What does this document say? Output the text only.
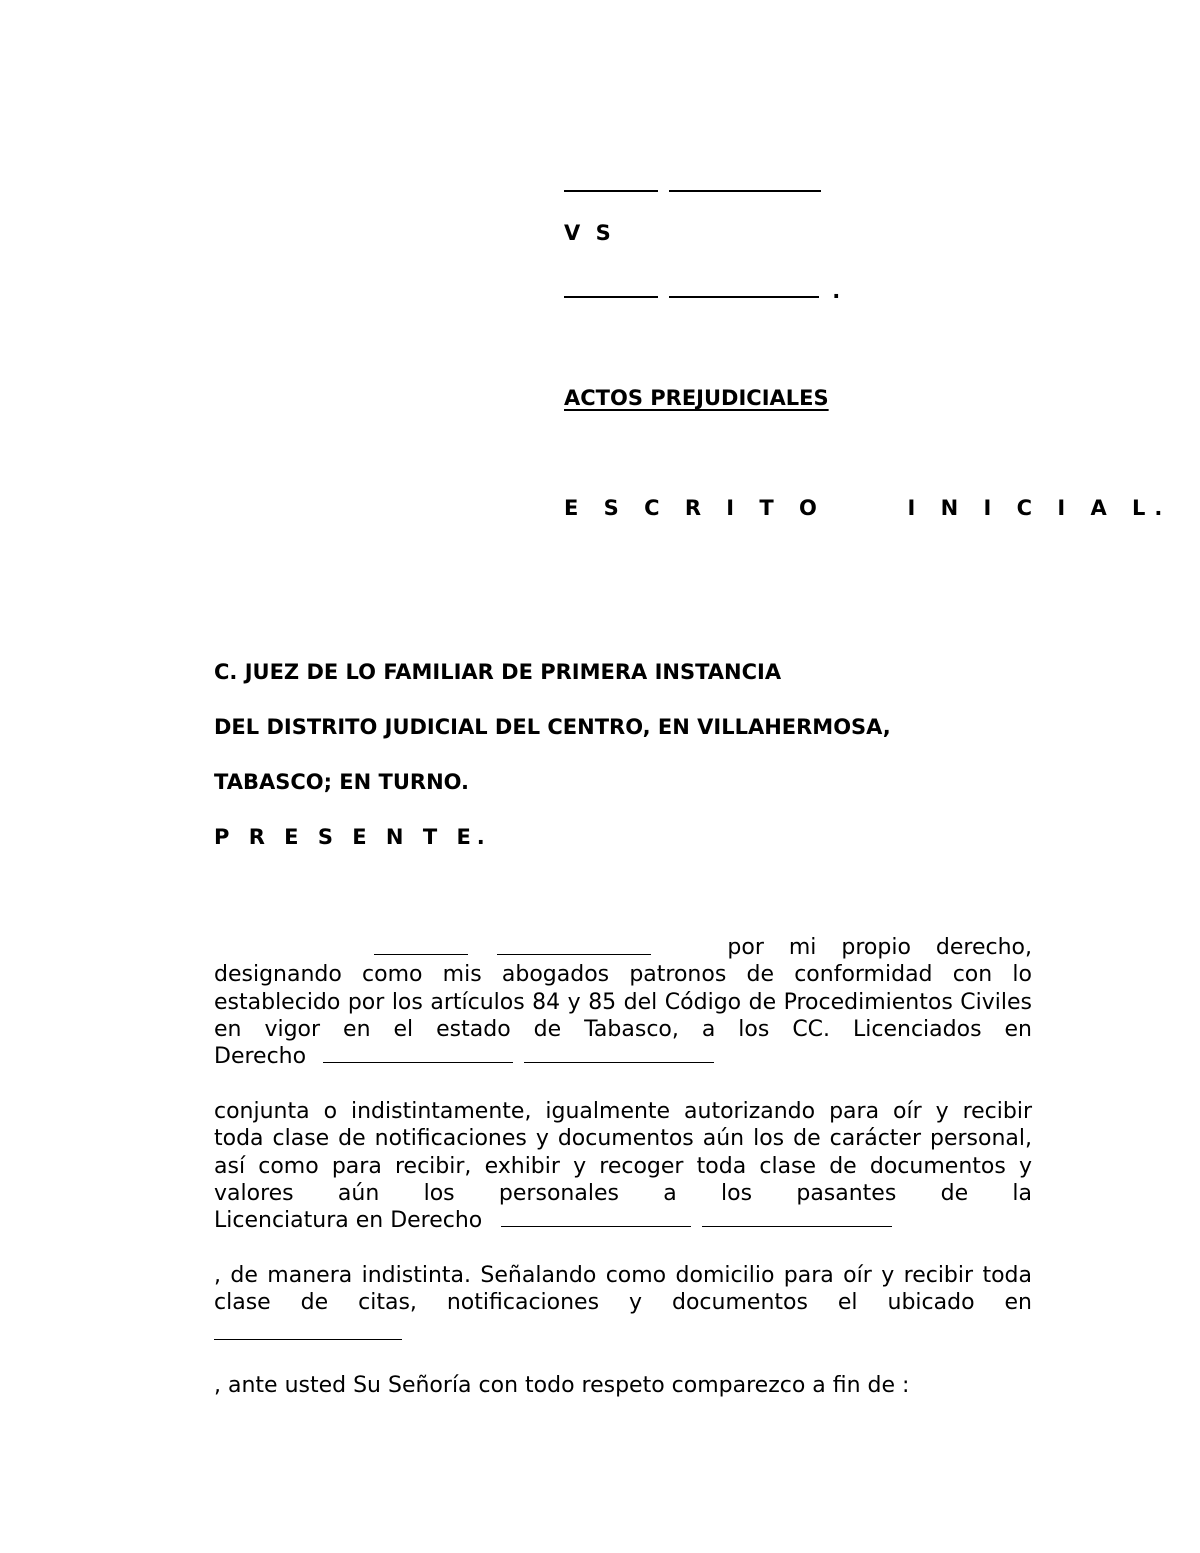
V S
.
ACTOS PREJUDICIALES
E S C R I T O     I N I C I A L.
C. JUEZ DE LO FAMILIAR DE PRIMERA INSTANCIA
DEL DISTRITO JUDICIAL DEL CENTRO, EN VILLAHERMOSA,
TABASCO; EN TURNO.
P R E S E N T E.
por mi propio derecho,
designando como mis abogados patronos de conformidad con lo establecido por los artículos 84 y 85 del Código de Procedimientos Civiles en vigor en el estado de Tabasco, a los CC. Licenciados en
Derecho
conjunta o indistintamente, igualmente autorizando para oír y recibir toda clase de notificaciones y documentos aún los de carácter personal, así como para recibir, exhibir y recoger toda clase de documentos y valores aún los personales a los pasantes de la
Licenciatura en Derecho
, de manera indistinta. Señalando como domicilio para oír y recibir toda clase de citas, notificaciones y documentos el ubicado en
, ante usted Su Señoría con todo respeto comparezco a fin de :
